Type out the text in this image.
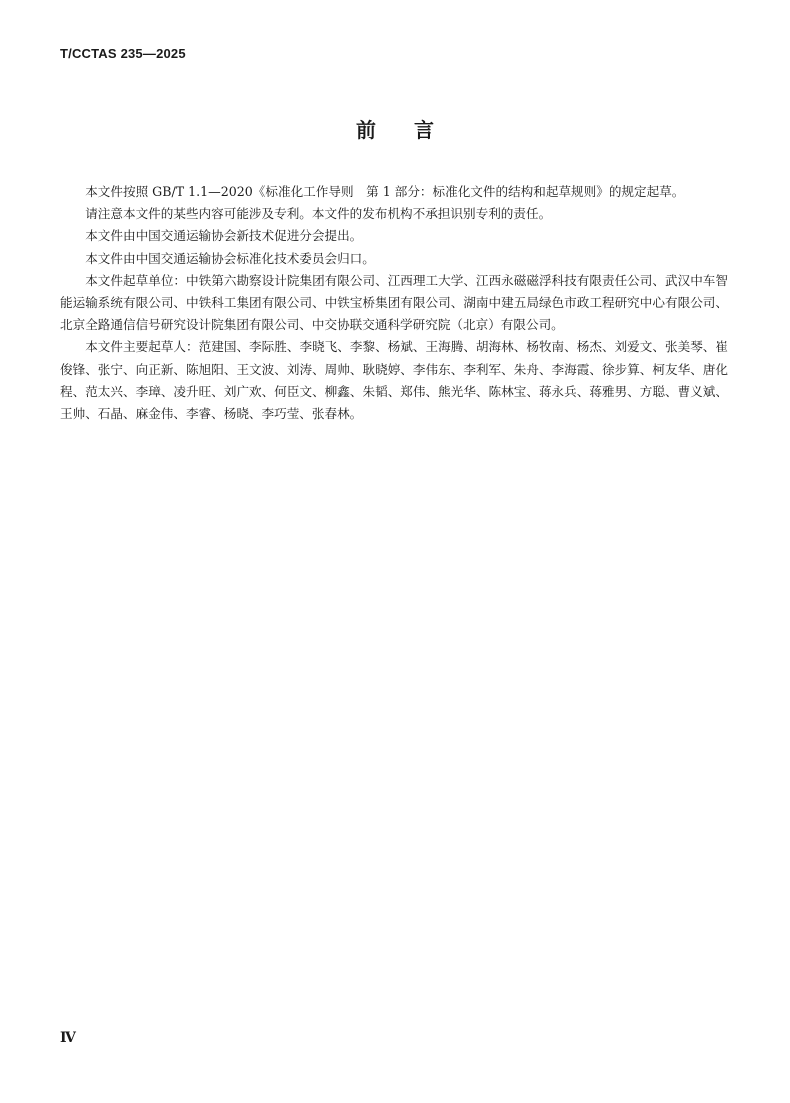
T/CCTAS 235—2025
前言

本文件按照 GB/T 1.1—2020《标准化工作导则　第 1 部分：标准化文件的结构和起草规则》的规定起草。

请注意本文件的某些内容可能涉及专利。本文件的发布机构不承担识别专利的责任。

本文件由中国交通运输协会新技术促进分会提出。

本文件由中国交通运输协会标准化技术委员会归口。

本文件起草单位：中铁第六勘察设计院集团有限公司、江西理工大学、江西永磁磁浮科技有限责任公司、武汉中车智能运输系统有限公司、中铁科工集团有限公司、中铁宝桥集团有限公司、湖南中建五局绿色市政工程研究中心有限公司、北京全路通信信号研究设计院集团有限公司、中交协联交通科学研究院（北京）有限公司。

本文件主要起草人：范建国、李际胜、李晓飞、李黎、杨斌、王海腾、胡海林、杨牧南、杨杰、刘爱文、张美琴、崔俊锋、张宁、向正新、陈旭阳、王文波、刘涛、周帅、耿晓婷、李伟东、李利军、朱舟、李海霞、徐步算、柯友华、唐化程、范太兴、李璋、凌升旺、刘广欢、何臣文、柳鑫、朱韬、郑伟、熊光华、陈林宝、蒋永兵、蒋雅男、方聪、曹义斌、王帅、石晶、麻金伟、李睿、杨晓、李巧莹、张春林。

Ⅳ
